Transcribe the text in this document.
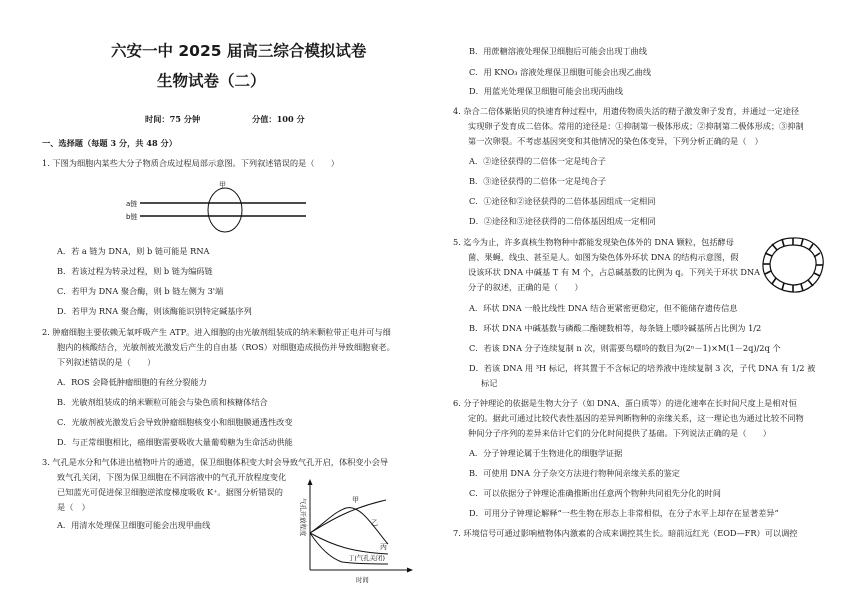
六安一中 2025 届高三综合模拟试卷
生物试卷（二）
时间：75 分钟	分值：100 分
一、选择题（每题 3 分，共 48 分）
1. 下图为细胞内某些大分子物质合成过程局部示意图。下列叙述错误的是（　　）
甲
a链
b链
A．若 a 链为 DNA，则 b 链可能是 RNA
B．若该过程为转录过程，则 b 链为编码链
C．若甲为 DNA 聚合酶，则 b 链左侧为 3'端
D．若甲为 RNA 聚合酶，则该酶能识别特定碱基序列
2. 肿瘤细胞主要依赖无氧呼吸产生 ATP。进入细胞的由光敏剂组装成的纳米颗粒带正电并可与细
胞内的核酸结合，光敏剂被光激发后产生的自由基（ROS）对细胞造成损伤并导致细胞衰老。
下列叙述错误的是（　　）
A．ROS 会降低肿瘤细胞的有丝分裂能力
B．光敏剂组装成的纳米颗粒可能会与染色质和核糖体结合
C．光敏剂被光激发后会导致肿瘤细胞核变小和细胞膜通透性改变
D．与正常细胞相比，癌细胞需要吸收大量葡萄糖为生命活动供能
3. 气孔是水分和气体进出植物叶片的通道，保卫细胞体积变大时会导致气孔开启，体积变小会导
致气孔关闭，下图为保卫细胞在不同溶液中的气孔开放程度变化
已知蓝光可促进保卫细胞逆浓度梯度吸收 K⁺。据图分析错误的
是（　）
A．用清水处理保卫细胞可能会出现甲曲线	气孔开放程度	甲
乙
丙
丁(气孔关闭)
时间
B．用蔗糖溶液处理保卫细胞后可能会出现丁曲线
C．用 KNO₃ 溶液处理保卫细胞可能会出现乙曲线
D．用蓝光处理保卫细胞可能会出现丙曲线
4. 杂合二倍体紫貽贝的快速育种过程中，用遗传物质失活的精子激发卵子发育，并通过一定途径
实现卵子发育成二倍体。常用的途径是：①抑制第一极体形成；②抑制第二极体形成；③抑制
第一次卵裂。不考虑基因突变和其他情况的染色体变异，下列分析正确的是（　）
A．②途径获得的二倍体一定是纯合子
B．③途径获得的二倍体一定是纯合子
C．①途径和②途径获得的二倍体基因组成一定相同
D．②途径和③途径获得的二倍体基因组成一定相同
5. 迄今为止，许多真核生物物种中都能发现染色体外的 DNA 颗粒，包括酵母
菌、果蝇、线虫、甚至是人。如图为染色体外环状 DNA 的结构示意图，假
设该环状 DNA 中碱基 T 有 M 个，占总碱基数的比例为 q。下列关于环状 DNA
分子的叙述，正确的是（　　）
A．环状 DNA 一般比线性 DNA 结合更紧密更稳定，但不能储存遗传信息
B．环状 DNA 中碱基数与磷酸二酯键数相等，每条链上嘌呤碱基所占比例为 1/2
C．若该 DNA 分子连续复制 n 次，则需要鸟嘌呤的数目为(2ⁿ－1)×M(1－2q)/2q 个
D．若该 DNA 用 ³H 标记，将其置于不含标记的培养液中连续复制 3 次，子代 DNA 有 1/2 被
标记
6. 分子钟理论的依据是生物大分子（如 DNA、蛋白质等）的进化速率在长时间尺度上是相对恒
定的。据此可通过比较代表性基因的差异判断物种的亲缘关系，这一理论也为通过比较不同物
种间分子序列的差异来估计它们的分化时间提供了基础。下列说法正确的是（　　）
A．分子钟理论属于生物进化的细胞学证据
B．可使用 DNA 分子杂交方法进行物种间亲缘关系的鉴定
C．可以依据分子钟理论准确推断出任意两个物种共同祖先分化的时间
D．可用分子钟理论解释“一些生物在形态上非常相似，在分子水平上却存在显著差异”
7. 环境信号可通过影响植物体内激素的合成来调控其生长。暗前远红光（EOD—FR）可以调控
